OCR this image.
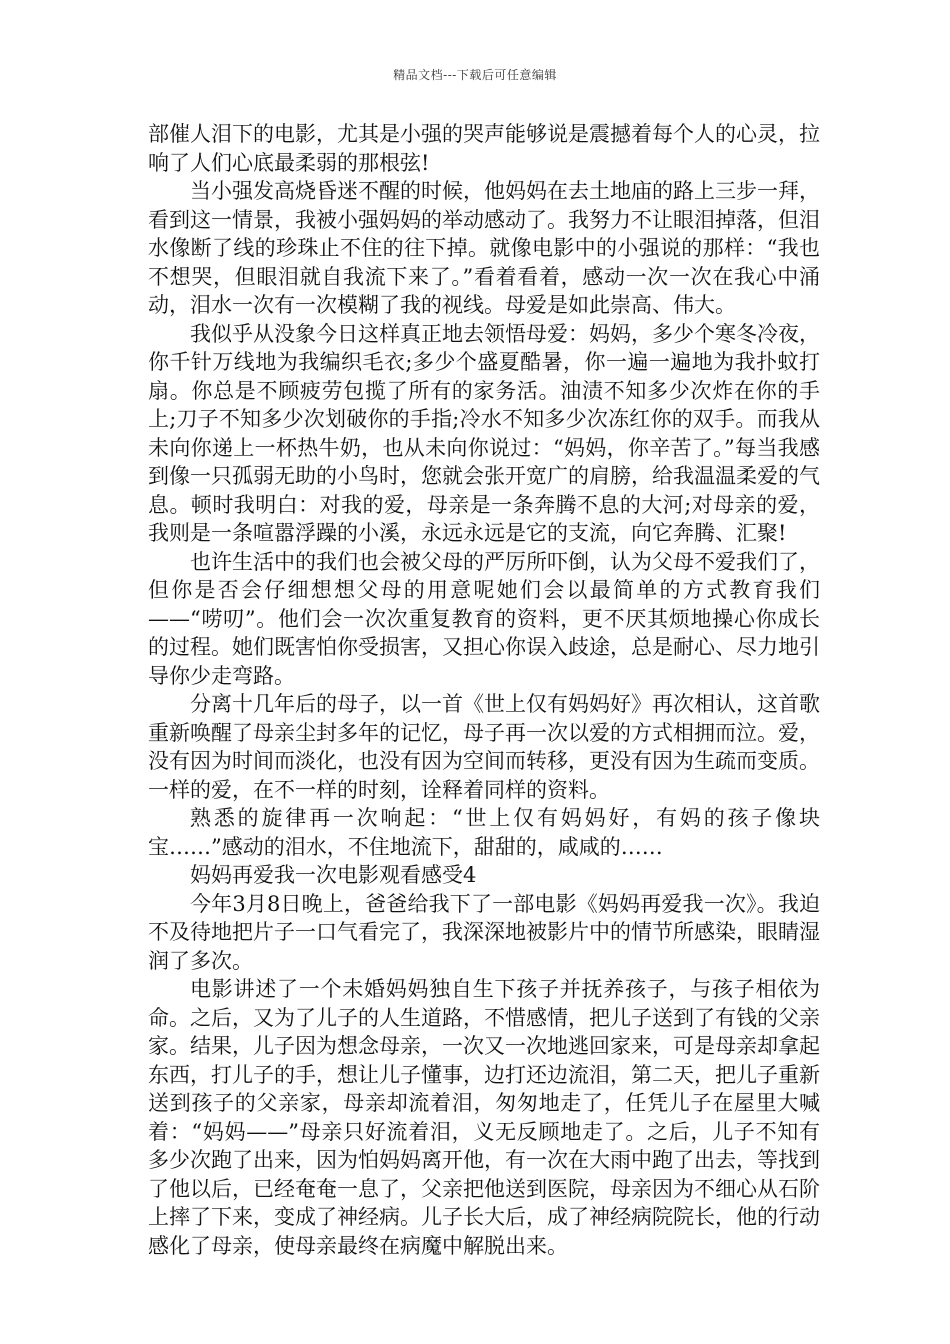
精品文档---下载后可任意编辑

部催人泪下的电影，尤其是小强的哭声能够说是震撼着每个人的心灵，拉响了人们心底最柔弱的那根弦!

当小强发高烧昏迷不醒的时候，他妈妈在去土地庙的路上三步一拜，看到这一情景，我被小强妈妈的举动感动了。我努力不让眼泪掉落，但泪水像断了线的珍珠止不住的往下掉。就像电影中的小强说的那样：“我也不想哭，但眼泪就自我流下来了。”看着看着，感动一次一次在我心中涌动，泪水一次有一次模糊了我的视线。母爱是如此崇高、伟大。

我似乎从没象今日这样真正地去领悟母爱：妈妈，多少个寒冬冷夜，你千针万线地为我编织毛衣;多少个盛夏酷暑，你一遍一遍地为我扑蚊打扇。你总是不顾疲劳包揽了所有的家务活。油渍不知多少次炸在你的手上;刀子不知多少次划破你的手指;冷水不知多少次冻红你的双手。而我从未向你递上一杯热牛奶，也从未向你说过：“妈妈，你辛苦了。”每当我感到像一只孤弱无助的小鸟时，您就会张开宽广的肩膀，给我温温柔爱的气息。顿时我明白：对我的爱，母亲是一条奔腾不息的大河;对母亲的爱，我则是一条喧嚣浮躁的小溪，永远永远是它的支流，向它奔腾、汇聚!

也许生活中的我们也会被父母的严厉所吓倒，认为父母不爱我们了，但你是否会仔细想想父母的用意呢她们会以最简单的方式教育我们——“唠叨”。他们会一次次重复教育的资料，更不厌其烦地操心你成长的过程。她们既害怕你受损害，又担心你误入歧途，总是耐心、尽力地引导你少走弯路。

分离十几年后的母子，以一首《世上仅有妈妈好》再次相认，这首歌重新唤醒了母亲尘封多年的记忆，母子再一次以爱的方式相拥而泣。爱，没有因为时间而淡化，也没有因为空间而转移，更没有因为生疏而变质。一样的爱，在不一样的时刻，诠释着同样的资料。

熟悉的旋律再一次响起：“世上仅有妈妈好，有妈的孩子像块宝……”感动的泪水，不住地流下，甜甜的，咸咸的……

妈妈再爱我一次电影观看感受4

今年3月8日晚上，爸爸给我下了一部电影《妈妈再爱我一次》。我迫不及待地把片子一口气看完了，我深深地被影片中的情节所感染，眼睛湿润了多次。

电影讲述了一个未婚妈妈独自生下孩子并抚养孩子，与孩子相依为命。之后，又为了儿子的人生道路，不惜感情，把儿子送到了有钱的父亲家。结果，儿子因为想念母亲，一次又一次地逃回家来，可是母亲却拿起东西，打儿子的手，想让儿子懂事，边打还边流泪，第二天，把儿子重新送到孩子的父亲家，母亲却流着泪，匆匆地走了，任凭儿子在屋里大喊着：“妈妈——”母亲只好流着泪，义无反顾地走了。之后，儿子不知有多少次跑了出来，因为怕妈妈离开他，有一次在大雨中跑了出去，等找到了他以后，已经奄奄一息了，父亲把他送到医院，母亲因为不细心从石阶上摔了下来，变成了神经病。儿子长大后，成了神经病院院长，他的行动感化了母亲，使母亲最终在病魔中解脱出来。
